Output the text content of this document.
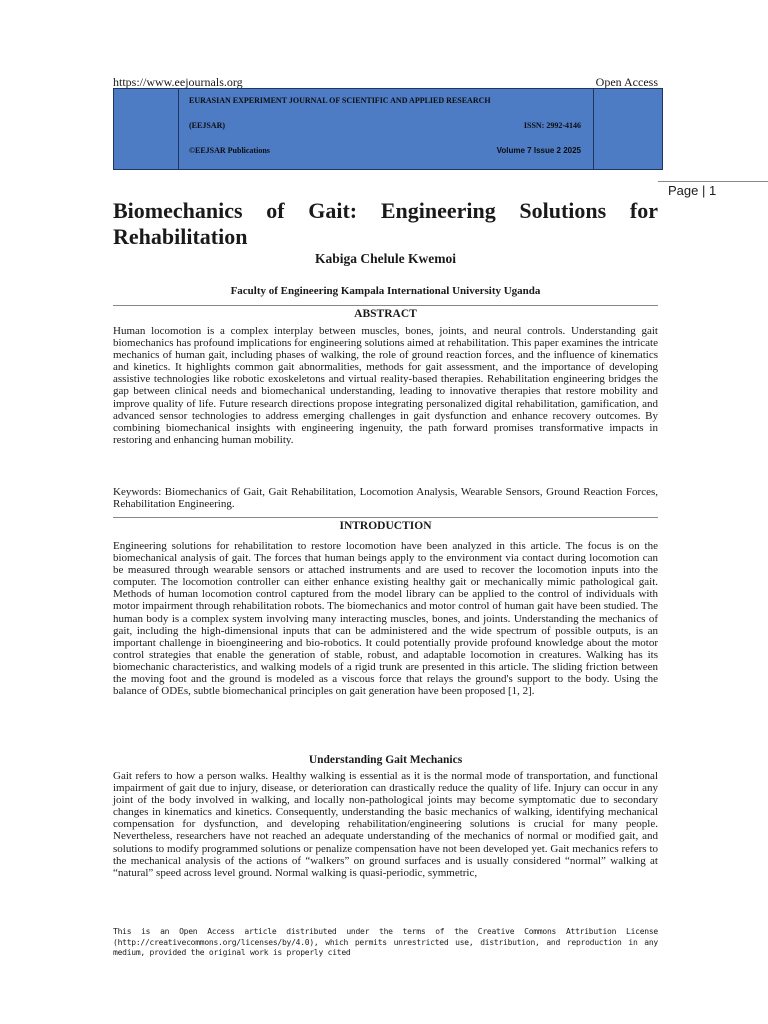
https://www.eejournals.org	Open Access
EURASIAN EXPERIMENT JOURNAL OF SCIENTIFIC AND APPLIED RESEARCH
(EEJSAR)	ISSN: 2992-4146
©EEJSAR Publications	Volume 7 Issue 2 2025
Page | 1
Biomechanics of Gait: Engineering Solutions for Rehabilitation
Kabiga Chelule Kwemoi
Faculty of Engineering Kampala International University Uganda
ABSTRACT

Human locomotion is a complex interplay between muscles, bones, joints, and neural controls. Understanding gait biomechanics has profound implications for engineering solutions aimed at rehabilitation. This paper examines the intricate mechanics of human gait, including phases of walking, the role of ground reaction forces, and the influence of kinematics and kinetics. It highlights common gait abnormalities, methods for gait assessment, and the importance of developing assistive technologies like robotic exoskeletons and virtual reality-based therapies. Rehabilitation engineering bridges the gap between clinical needs and biomechanical understanding, leading to innovative therapies that restore mobility and improve quality of life. Future research directions propose integrating personalized digital rehabilitation, gamification, and advanced sensor technologies to address emerging challenges in gait dysfunction and enhance recovery outcomes. By combining biomechanical insights with engineering ingenuity, the path forward promises transformative impacts in restoring and enhancing human mobility.

Keywords: Biomechanics of Gait, Gait Rehabilitation, Locomotion Analysis, Wearable Sensors, Ground Reaction Forces, Rehabilitation Engineering.

INTRODUCTION

Engineering solutions for rehabilitation to restore locomotion have been analyzed in this article. The focus is on the biomechanical analysis of gait. The forces that human beings apply to the environment via contact during locomotion can be measured through wearable sensors or attached instruments and are used to recover the locomotion inputs into the computer. The locomotion controller can either enhance existing healthy gait or mechanically mimic pathological gait. Methods of human locomotion control captured from the model library can be applied to the control of individuals with motor impairment through rehabilitation robots. The biomechanics and motor control of human gait have been studied. The human body is a complex system involving many interacting muscles, bones, and joints. Understanding the mechanics of gait, including the high-dimensional inputs that can be administered and the wide spectrum of possible outputs, is an important challenge in bioengineering and bio-robotics. It could potentially provide profound knowledge about the motor control strategies that enable the generation of stable, robust, and adaptable locomotion in creatures. Walking has its biomechanic characteristics, and walking models of a rigid trunk are presented in this article. The sliding friction between the moving foot and the ground is modeled as a viscous force that relays the ground's support to the body. Using the balance of ODEs, subtle biomechanical principles on gait generation have been proposed [1, 2].

Understanding Gait Mechanics

Gait refers to how a person walks. Healthy walking is essential as it is the normal mode of transportation, and functional impairment of gait due to injury, disease, or deterioration can drastically reduce the quality of life. Injury can occur in any joint of the body involved in walking, and locally non-pathological joints may become symptomatic due to secondary changes in kinematics and kinetics. Consequently, understanding the basic mechanics of walking, identifying mechanical compensation for dysfunction, and developing rehabilitation/engineering solutions is crucial for many people. Nevertheless, researchers have not reached an adequate understanding of the mechanics of normal or modified gait, and solutions to modify programmed solutions or penalize compensation have not been developed yet. Gait mechanics refers to the mechanical analysis of the actions of “walkers” on ground surfaces and is usually considered “normal” walking at “natural” speed across level ground. Normal walking is quasi-periodic, symmetric,

This is an Open Access article distributed under the terms of the Creative Commons Attribution License (http://creativecommons.org/licenses/by/4.0), which permits unrestricted use, distribution, and reproduction in any medium, provided the original work is properly cited
